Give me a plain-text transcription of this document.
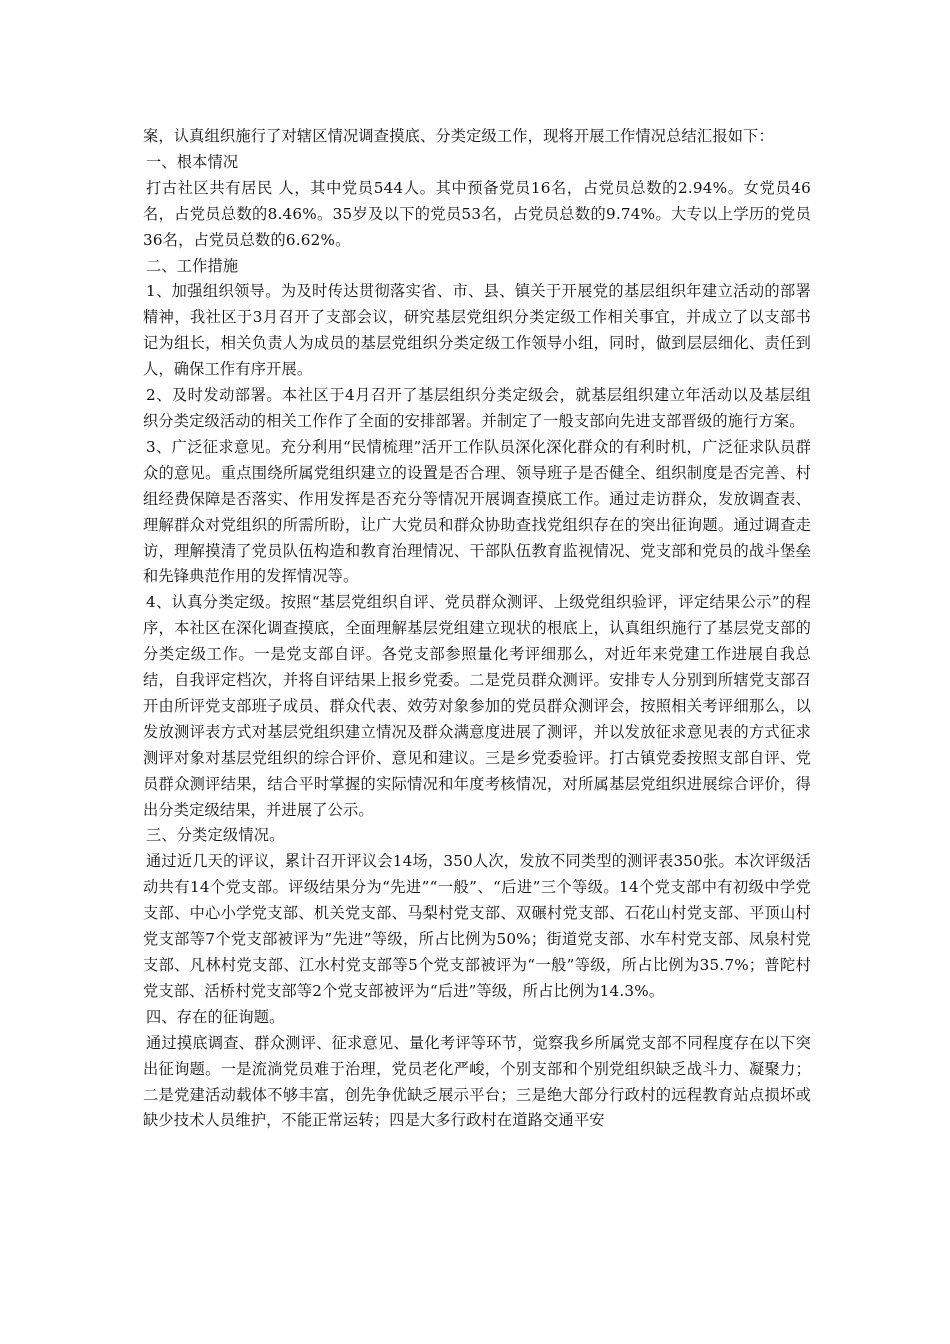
案，认真组织施行了对辖区情况调查摸底、分类定级工作，现将开展工作情况总结汇报如下：

一、根本情况

打古社区共有居民 人，其中党员544人。其中预备党员16名，占党员总数的2.94%。女党员46名，占党员总数的8.46%。35岁及以下的党员53名，占党员总数的9.74%。大专以上学历的党员36名，占党员总数的6.62%。

二、工作措施

1、加强组织领导。为及时传达贯彻落实省、市、县、镇关于开展党的基层组织年建立活动的部署精神，我社区于3月召开了支部会议，研究基层党组织分类定级工作相关事宜，并成立了以支部书记为组长，相关负责人为成员的基层党组织分类定级工作领导小组，同时，做到层层细化、责任到人，确保工作有序开展。

2、及时发动部署。本社区于4月召开了基层组织分类定级会，就基层组织建立年活动以及基层组织分类定级活动的相关工作作了全面的安排部署。并制定了一般支部向先进支部晋级的施行方案。

3、广泛征求意见。充分利用“民情梳理”活开工作队员深化深化群众的有利时机，广泛征求队员群众的意见。重点围绕所属党组织建立的设置是否合理、领导班子是否健全、组织制度是否完善、村组经费保障是否落实、作用发挥是否充分等情况开展调查摸底工作。通过走访群众，发放调查表、理解群众对党组织的所需所盼，让广大党员和群众协助查找党组织存在的突出征询题。通过调查走访，理解摸清了党员队伍构造和教育治理情况、干部队伍教育监视情况、党支部和党员的战斗堡垒和先锋典范作用的发挥情况等。

4、认真分类定级。按照“基层党组织自评、党员群众测评、上级党组织验评，评定结果公示”的程序，本社区在深化调查摸底，全面理解基层党组建立现状的根底上，认真组织施行了基层党支部的分类定级工作。一是党支部自评。各党支部参照量化考评细那么，对近年来党建工作进展自我总结，自我评定档次，并将自评结果上报乡党委。二是党员群众测评。安排专人分别到所辖党支部召开由所评党支部班子成员、群众代表、效劳对象参加的党员群众测评会，按照相关考评细那么，以发放测评表方式对基层党组织建立情况及群众满意度进展了测评，并以发放征求意见表的方式征求测评对象对基层党组织的综合评价、意见和建议。三是乡党委验评。打古镇党委按照支部自评、党员群众测评结果，结合平时掌握的实际情况和年度考核情况，对所属基层党组织进展综合评价，得出分类定级结果，并进展了公示。

三、分类定级情况。

通过近几天的评议，累计召开评议会14场，350人次，发放不同类型的测评表350张。本次评级活动共有14个党支部。评级结果分为“先进”“一般”、“后进”三个等级。14个党支部中有初级中学党支部、中心小学党支部、机关党支部、马梨村党支部、双碾村党支部、石花山村党支部、平顶山村党支部等7个党支部被评为”先进”等级，所占比例为50%；街道党支部、水车村党支部、凤泉村党支部、凡林村党支部、江水村党支部等5个党支部被评为“一般”等级，所占比例为35.7%；普陀村党支部、活桥村党支部等2个党支部被评为“后进”等级，所占比例为14.3%。

四、存在的征询题。

通过摸底调查、群众测评、征求意见、量化考评等环节，觉察我乡所属党支部不同程度存在以下突出征询题。一是流淌党员难于治理，党员老化严峻，个别支部和个别党组织缺乏战斗力、凝聚力；二是党建活动载体不够丰富，创先争优缺乏展示平台；三是绝大部分行政村的远程教育站点损坏或缺少技术人员维护，不能正常运转；四是大多行政村在道路交通平安
